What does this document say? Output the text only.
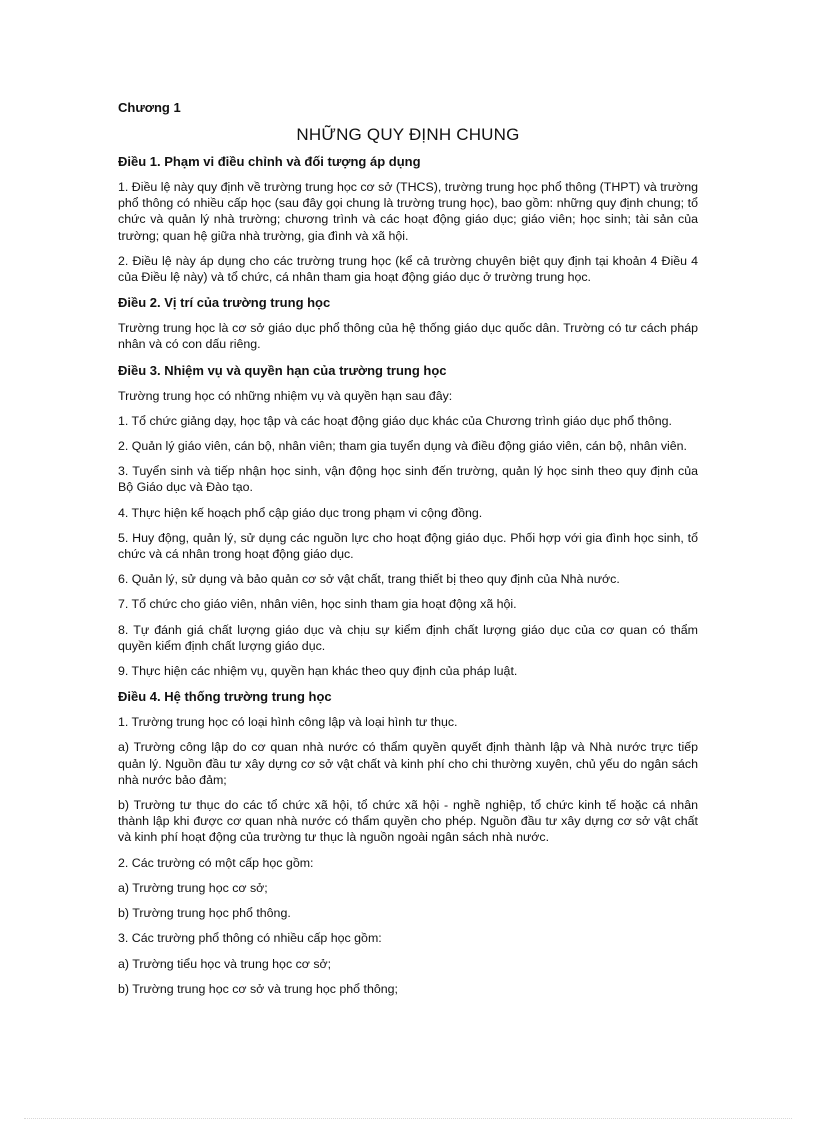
Chương 1
NHỮNG QUY ĐỊNH CHUNG
Điều 1. Phạm vi điều chỉnh và đối tượng áp dụng

1. Điều lệ này quy định về trường trung học cơ sở (THCS), trường trung học phổ thông (THPT) và trường phổ thông có nhiều cấp học (sau đây gọi chung là trường trung học), bao gồm: những quy định chung; tổ chức và quản lý nhà trường; chương trình và các hoạt động giáo dục; giáo viên; học sinh; tài sản của trường; quan hệ giữa nhà trường, gia đình và xã hội.

2. Điều lệ này áp dụng cho các trường trung học (kể cả trường chuyên biệt quy định tại khoản 4 Điều 4 của Điều lệ này) và tổ chức, cá nhân tham gia hoạt động giáo dục ở trường trung học.

Điều 2. Vị trí của trường trung học

Trường trung học là cơ sở giáo dục phổ thông của hệ thống giáo dục quốc dân. Trường có tư cách pháp nhân và có con dấu riêng.

Điều 3. Nhiệm vụ và quyền hạn của trường trung học

Trường trung học có những nhiệm vụ và quyền hạn sau đây:

1. Tổ chức giảng dạy, học tập và các hoạt động giáo dục khác của Chương trình giáo dục phổ thông.

2. Quản lý giáo viên, cán bộ, nhân viên; tham gia tuyển dụng và điều động giáo viên, cán bộ, nhân viên.

3. Tuyển sinh và tiếp nhận học sinh, vận động học sinh đến trường, quản lý học sinh theo quy định của Bộ Giáo dục và Đào tạo.

4. Thực hiện kế hoạch phổ cập giáo dục trong phạm vi cộng đồng.

5. Huy động, quản lý, sử dụng các nguồn lực cho hoạt động giáo dục. Phối hợp với gia đình học sinh, tổ chức và cá nhân trong hoạt động giáo dục.

6. Quản lý, sử dụng và bảo quản cơ sở vật chất, trang thiết bị theo quy định của Nhà nước.

7. Tổ chức cho giáo viên, nhân viên, học sinh tham gia hoạt động xã hội.

8. Tự đánh giá chất lượng giáo dục và chịu sự kiểm định chất lượng giáo dục của cơ quan có thẩm quyền kiểm định chất lượng giáo dục.

9. Thực hiện các nhiệm vụ, quyền hạn khác theo quy định của pháp luật.

Điều 4. Hệ thống trường trung học

1. Trường trung học có loại hình công lập và loại hình tư thục.

a) Trường công lập do cơ quan nhà nước có thẩm quyền quyết định thành lập và Nhà nước trực tiếp quản lý. Nguồn đầu tư xây dựng cơ sở vật chất và kinh phí cho chi thường xuyên, chủ yếu do ngân sách nhà nước bảo đảm;

b) Trường tư thục do các tổ chức xã hội, tổ chức xã hội - nghề nghiệp, tổ chức kinh tế hoặc cá nhân thành lập khi được cơ quan nhà nước có thẩm quyền cho phép. Nguồn đầu tư xây dựng cơ sở vật chất và kinh phí hoạt động của trường tư thục là nguồn ngoài ngân sách nhà nước.

2. Các trường có một cấp học gồm:

a) Trường trung học cơ sở;

b) Trường trung học phổ thông.

3. Các trường phổ thông có nhiều cấp học gồm:

a) Trường tiểu học và trung học cơ sở;

b) Trường trung học cơ sở và trung học phổ thông;
